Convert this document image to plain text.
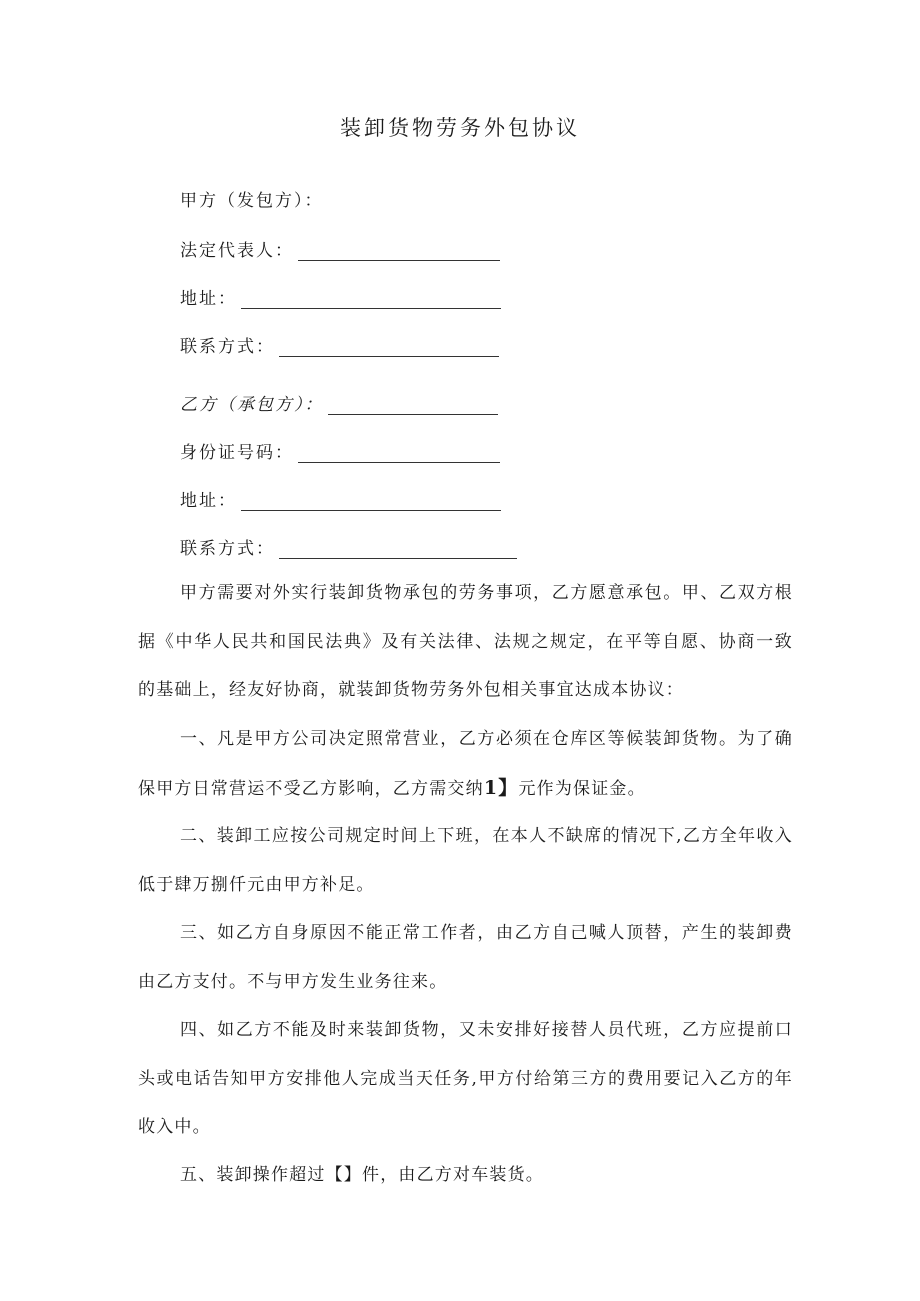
装卸货物劳务外包协议
甲方（发包方）：
法定代表人：
地址：
联系方式：
乙方（承包方）：
身份证号码：
地址：
联系方式：

甲方需要对外实行装卸货物承包的劳务事项，乙方愿意承包。甲、乙双方根据《中华人民共和国民法典》及有关法律、法规之规定，在平等自愿、协商一致的基础上，经友好协商，就装卸货物劳务外包相关事宜达成本协议：

一、凡是甲方公司决定照常营业，乙方必须在仓库区等候装卸货物。为了确保甲方日常营运不受乙方影响，乙方需交纳1】元作为保证金。

二、装卸工应按公司规定时间上下班，在本人不缺席的情况下,乙方全年收入低于肆万捌仟元由甲方补足。

三、如乙方自身原因不能正常工作者，由乙方自己喊人顶替，产生的装卸费由乙方支付。不与甲方发生业务往来。

四、如乙方不能及时来装卸货物，又未安排好接替人员代班，乙方应提前口头或电话告知甲方安排他人完成当天任务,甲方付给第三方的费用要记入乙方的年收入中。

五、装卸操作超过【】件，由乙方对车装货。
